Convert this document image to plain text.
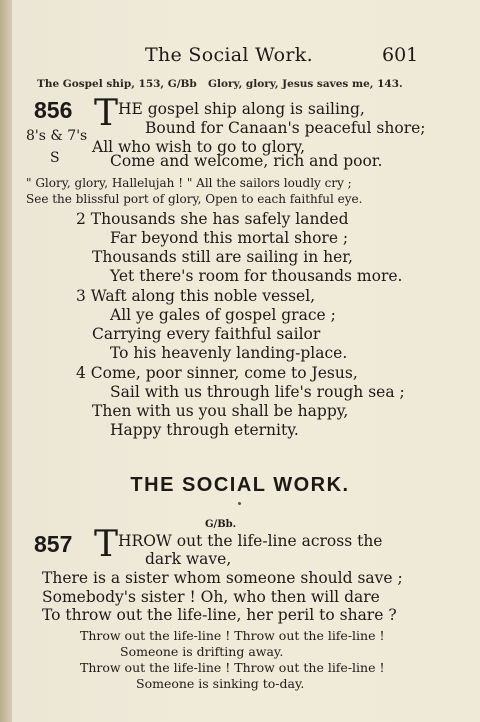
The Social Work.	601
The Gospel ship, 153, G/Bb Glory, glory, Jesus saves me, 143.
856 T HE gospel ship along is sailing,
Bound for Canaan's peaceful shore;
8's & 7's
All who wish to go to glory,
S	Come and welcome, rich and poor.
" Glory, glory, Hallelujah ! " All the sailors loudly cry ;
See the blissful port of glory, Open to each faithful eye.
2 Thousands she has safely landed
Far beyond this mortal shore ;
Thousands still are sailing in her,
Yet there's room for thousands more.
3 Waft along this noble vessel,
All ye gales of gospel grace ;
Carrying every faithful sailor
To his heavenly landing-place.
4 Come, poor sinner, come to Jesus,
Sail with us through life's rough sea ;
Then with us you shall be happy,
Happy through eternity.
THE SOCIAL WORK.
G/Bb.
857 T HROW out the life-line across the
dark wave,
There is a sister whom someone should save ;
Somebody's sister ! Oh, who then will dare
To throw out the life-line, her peril to share ?
Throw out the life-line ! Throw out the life-line !
Someone is drifting away.
Throw out the life-line ! Throw out the life-line !
Someone is sinking to-day.
